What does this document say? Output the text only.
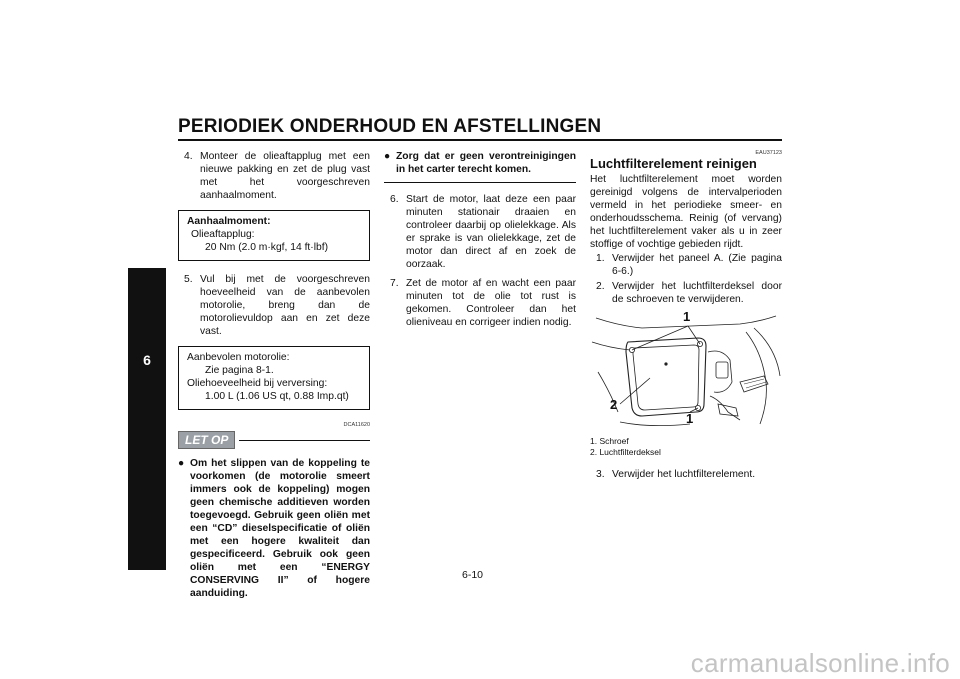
PERIODIEK ONDERHOUD EN AFSTELLINGEN
6
4. Monteer de olieaftapplug met een nieuwe pakking en zet de plug vast met het voorgeschreven aanhaalmoment.
Aanhaalmoment:
Olieaftapplug:
20 Nm (2.0 m·kgf, 14 ft·lbf)
5. Vul bij met de voorgeschreven hoeveelheid van de aanbevolen motorolie, breng dan de motorolievuldop aan en zet deze vast.
Aanbevolen motorolie:
Zie pagina 8-1.
Oliehoeveelheid bij verversing:
1.00 L (1.06 US qt, 0.88 Imp.qt)
DCA11620
LET OP
● Om het slippen van de koppeling te voorkomen (de motorolie smeert immers ook de koppeling) mogen geen chemische additieven worden toegevoegd. Gebruik geen oliën met een “CD” dieselspecificatie of oliën met een hogere kwaliteit dan gespecificeerd. Gebruik ook geen oliën met een “ENERGY CONSERVING II” of hogere aanduiding.
● Zorg dat er geen verontreinigingen in het carter terecht komen.
6. Start de motor, laat deze een paar minuten stationair draaien en controleer daarbij op olielekkage. Als er sprake is van olielekkage, zet de motor dan direct af en zoek de oorzaak.
7. Zet de motor af en wacht een paar minuten tot de olie tot rust is gekomen. Controleer dan het olieniveau en corrigeer indien nodig.
EAU37123
Luchtfilterelement reinigen
Het luchtfilterelement moet worden gereinigd volgens de intervalperioden vermeld in het periodieke smeer- en onderhoudsschema. Reinig (of vervang) het luchtfilterelement vaker als u in zeer stoffige of vochtige gebieden rijdt.
1. Verwijder het paneel A. (Zie pagina 6-6.)
2. Verwijder het luchtfilterdeksel door de schroeven te verwijderen.
1
2
1
1. Schroef
2. Luchtfilterdeksel
3. Verwijder het luchtfilterelement.
6-10
carmanualsonline.info
